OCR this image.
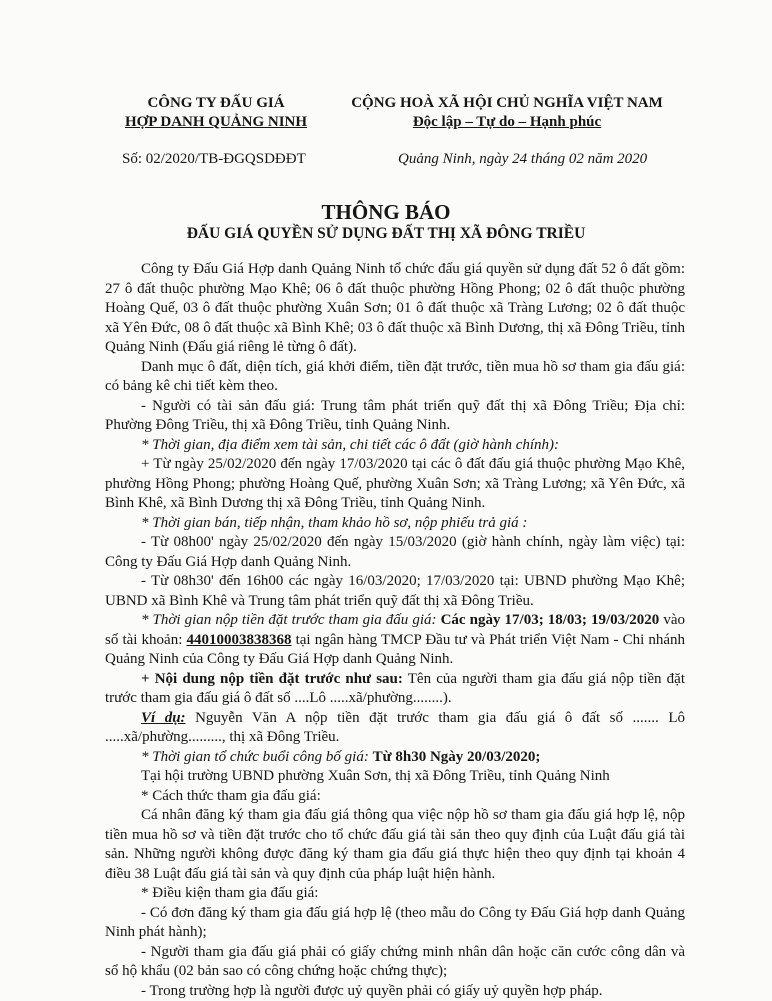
CÔNG TY ĐẤU GIÁ
HỢP DANH QUẢNG NINH
CỘNG HOÀ XÃ HỘI CHỦ NGHĨA VIỆT NAM
Độc lập – Tự do – Hạnh phúc
Số: 02/2020/TB-ĐGQSDĐĐT	Quảng Ninh, ngày 24 tháng 02 năm 2020
THÔNG BÁO
ĐẤU GIÁ QUYỀN SỬ DỤNG ĐẤT THỊ XÃ ĐÔNG TRIỀU

Công ty Đấu Giá Hợp danh Quảng Ninh tổ chức đấu giá quyền sử dụng đất 52 ô đất gồm: 27 ô đất thuộc phường Mạo Khê; 06 ô đất thuộc phường Hồng Phong; 02 ô đất thuộc phường Hoàng Quế, 03 ô đất thuộc phường Xuân Sơn; 01 ô đất thuộc xã Tràng Lương; 02 ô đất thuộc xã Yên Đức, 08 ô đất thuộc xã Bình Khê; 03 ô đất thuộc xã Bình Dương, thị xã Đông Triều, tỉnh Quảng Ninh (Đấu giá riêng lẻ từng ô đất).

Danh mục ô đất, diện tích, giá khởi điểm, tiền đặt trước, tiền mua hồ sơ tham gia đấu giá: có bảng kê chi tiết kèm theo.

- Người có tài sản đấu giá: Trung tâm phát triển quỹ đất thị xã Đông Triều; Địa chỉ: Phường Đông Triều, thị xã Đông Triều, tỉnh Quảng Ninh.

* Thời gian, địa điểm xem tài sản, chi tiết các ô đất (giờ hành chính):

+ Từ ngày 25/02/2020 đến ngày 17/03/2020 tại các ô đất đấu giá thuộc phường Mạo Khê, phường Hồng Phong; phường Hoàng Quế, phường Xuân Sơn; xã Tràng Lương; xã Yên Đức, xã Bình Khê, xã Bình Dương thị xã Đông Triều, tỉnh Quảng Ninh.

* Thời gian bán, tiếp nhận, tham khảo hồ sơ, nộp phiếu trả giá :

- Từ 08h00' ngày 25/02/2020 đến ngày 15/03/2020 (giờ hành chính, ngày làm việc) tại: Công ty Đấu Giá Hợp danh Quảng Ninh.

- Từ 08h30' đến 16h00 các ngày 16/03/2020; 17/03/2020 tại: UBND phường Mạo Khê; UBND xã Bình Khê và Trung tâm phát triển quỹ đất thị xã Đông Triều.

* Thời gian nộp tiền đặt trước tham gia đấu giá: Các ngày 17/03; 18/03; 19/03/2020 vào số tài khoản: 44010003838368 tại ngân hàng TMCP Đầu tư và Phát triển Việt Nam - Chi nhánh Quảng Ninh của Công ty Đấu Giá Hợp danh Quảng Ninh.

+ Nội dung nộp tiền đặt trước như sau: Tên của người tham gia đấu giá nộp tiền đặt trước tham gia đấu giá ô đất số ....Lô .....xã/phường........).

Ví dụ: Nguyễn Văn A nộp tiền đặt trước tham gia đấu giá ô đất số ....... Lô .....xã/phường........., thị xã Đông Triều.

* Thời gian tổ chức buổi công bố giá: Từ 8h30 Ngày 20/03/2020;

Tại hội trường UBND phường Xuân Sơn, thị xã Đông Triều, tỉnh Quảng Ninh

* Cách thức tham gia đấu giá:

Cá nhân đăng ký tham gia đấu giá thông qua việc nộp hồ sơ tham gia đấu giá hợp lệ, nộp tiền mua hồ sơ và tiền đặt trước cho tổ chức đấu giá tài sản theo quy định của Luật đấu giá tài sản. Những người không được đăng ký tham gia đấu giá thực hiện theo quy định tại khoản 4 điều 38 Luật đấu giá tài sản và quy định của pháp luật hiện hành.

* Điều kiện tham gia đấu giá:

- Có đơn đăng ký tham gia đấu giá hợp lệ (theo mẫu do Công ty Đấu Giá hợp danh Quảng Ninh phát hành);

- Người tham gia đấu giá phải có giấy chứng minh nhân dân hoặc căn cước công dân và sổ hộ khẩu (02 bản sao có công chứng hoặc chứng thực);

- Trong trường hợp là người được uỷ quyền phải có giấy uỷ quyền hợp pháp.
